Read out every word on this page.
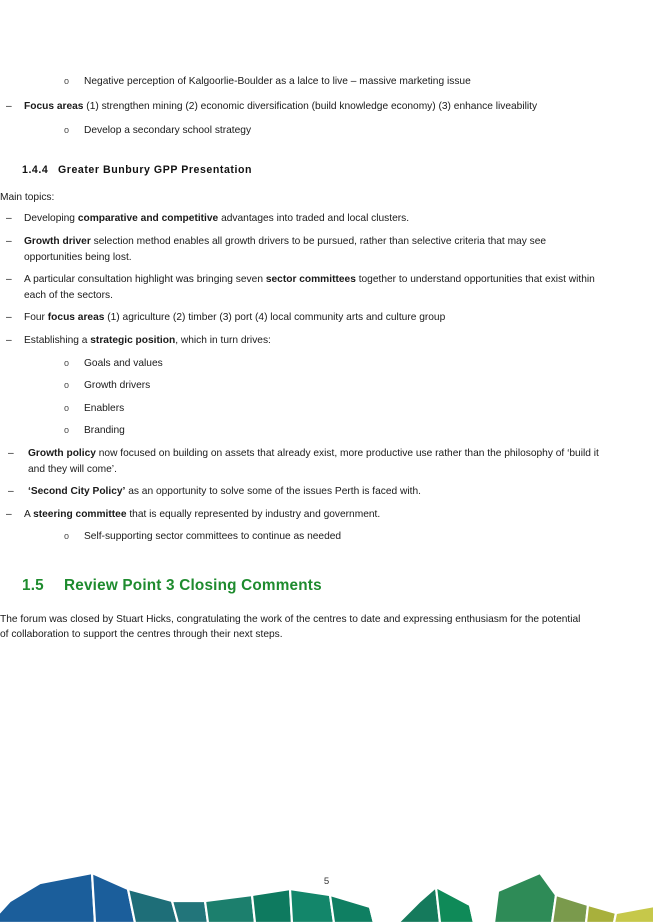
o Negative perception of Kalgoorlie-Boulder as a lalce to live – massive marketing issue
–	Focus areas (1) strengthen mining (2) economic diversification (build knowledge economy) (3) enhance liveability
o Develop a secondary school strategy
1.4.4 Greater Bunbury GPP Presentation
Main topics:
–	Developing comparative and competitive advantages into traded and local clusters.
–	Growth driver selection method enables all growth drivers to be pursued, rather than selective criteria that may see opportunities being lost.
–	A particular consultation highlight was bringing seven sector committees together to understand opportunities that exist within each of the sectors.
–	Four focus areas (1) agriculture (2) timber (3) port (4) local community arts and culture group
–	Establishing a strategic position, which in turn drives:
o Goals and values
o Growth drivers
o Enablers
o Branding
–	Growth policy now focused on building on assets that already exist, more productive use rather than the philosophy of ‘build it and they will come’.
–	‘Second City Policy’ as an opportunity to solve some of the issues Perth is faced with.
–	A steering committee that is equally represented by industry and government.
o Self-supporting sector committees to continue as needed
1.5 Review Point 3 Closing Comments
The forum was closed by Stuart Hicks, congratulating the work of the centres to date and expressing enthusiasm for the potential of collaboration to support the centres through their next steps.
5
